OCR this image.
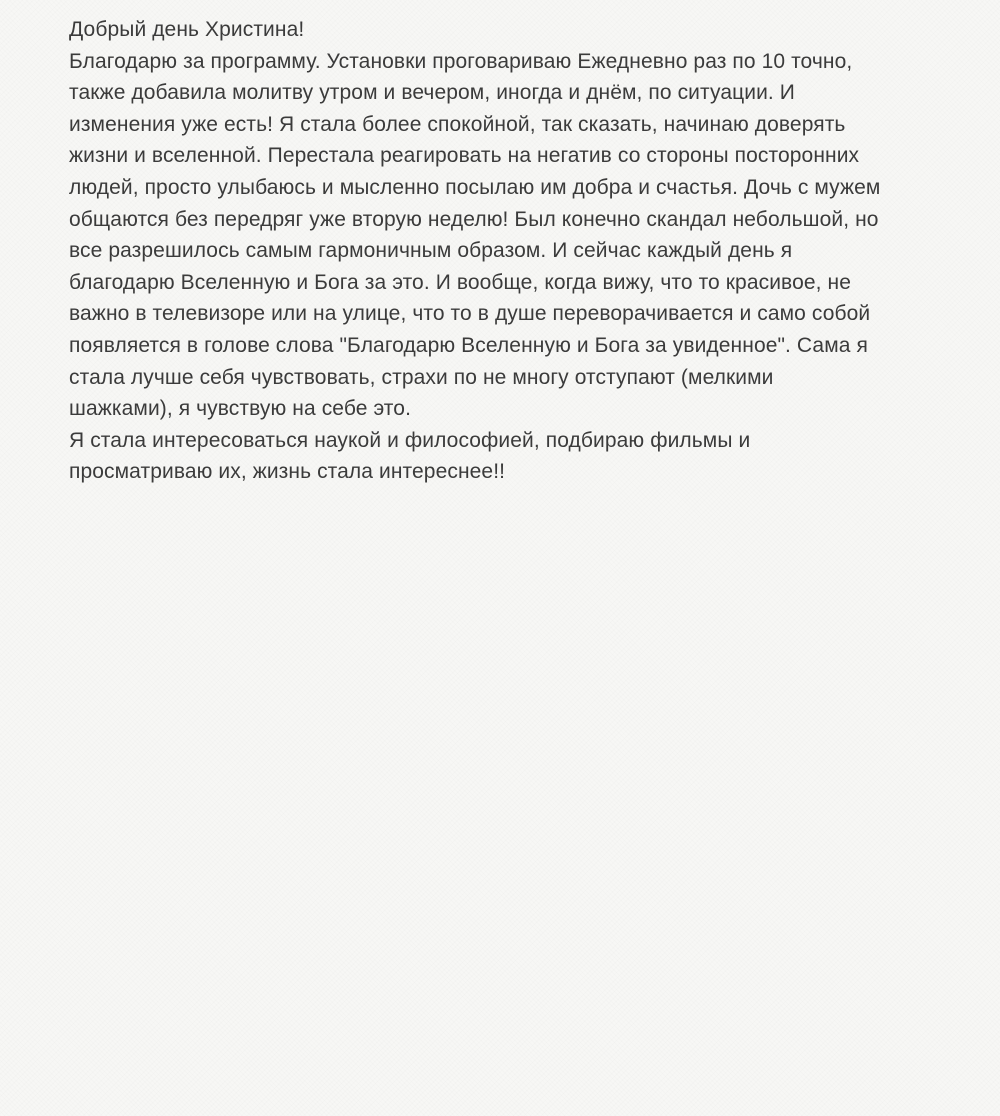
Добрый день Христина!
Благодарю за программу. Установки проговариваю Ежедневно раз по 10 точно,
также добавила молитву утром и вечером, иногда и днём, по ситуации. И
изменения уже есть! Я стала более спокойной, так сказать, начинаю доверять
жизни и вселенной. Перестала реагировать на негатив со стороны посторонних
людей, просто улыбаюсь и мысленно посылаю им добра и счастья. Дочь с мужем
общаются без передряг уже вторую неделю! Был конечно скандал небольшой, но
все разрешилось самым гармоничным образом. И сейчас каждый день я
благодарю Вселенную и Бога за это. И вообще, когда вижу, что то красивое, не
важно в телевизоре или на улице, что то в душе переворачивается и само собой
появляется в голове слова "Благодарю Вселенную и Бога за увиденное". Сама я
стала лучше себя чувствовать, страхи по не многу отступают (мелкими
шажками), я чувствую на себе это.
Я стала интересоваться наукой и философией, подбираю фильмы и
просматриваю их, жизнь стала интереснее!!
